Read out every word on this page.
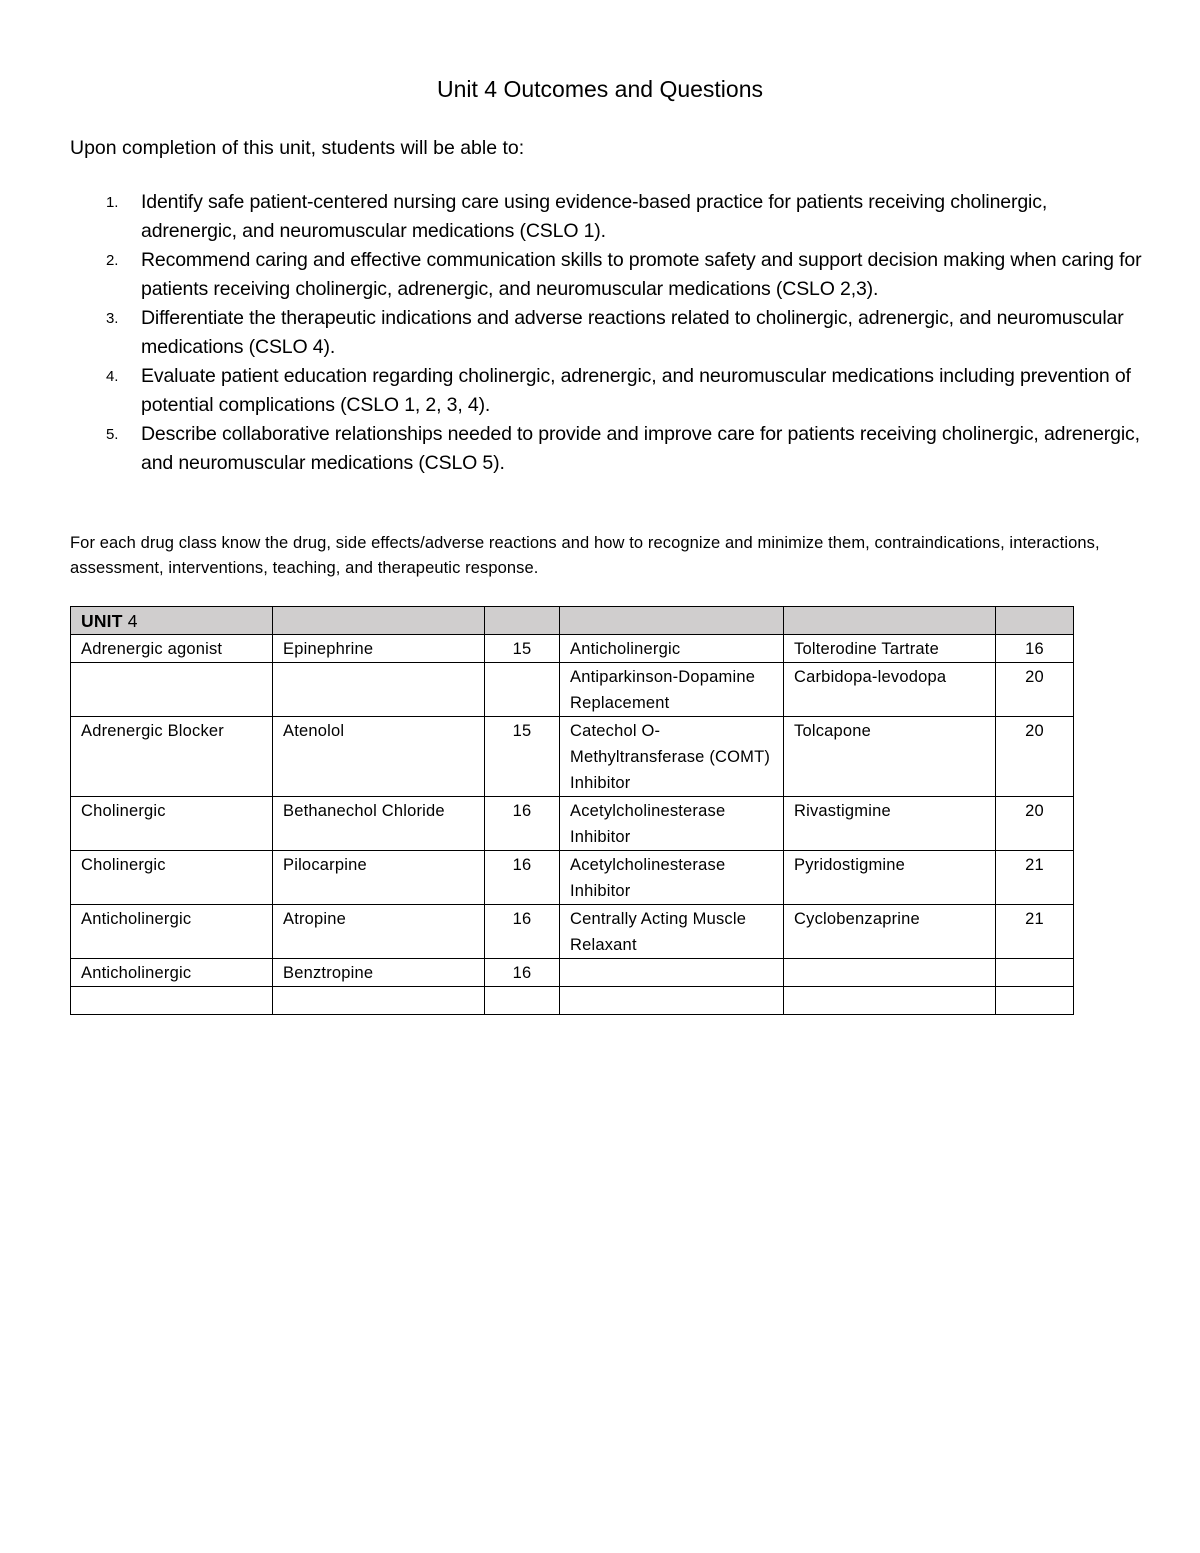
Unit 4 Outcomes and Questions
Upon completion of this unit, students will be able to:
1. Identify safe patient-centered nursing care using evidence-based practice for patients receiving cholinergic, adrenergic, and neuromuscular medications (CSLO 1).
2. Recommend caring and effective communication skills to promote safety and support decision making when caring for patients receiving cholinergic, adrenergic, and neuromuscular medications (CSLO 2,3).
3. Differentiate the therapeutic indications and adverse reactions related to cholinergic, adrenergic, and neuromuscular medications (CSLO 4).
4. Evaluate patient education regarding cholinergic, adrenergic, and neuromuscular medications including prevention of potential complications (CSLO 1, 2, 3, 4).
5. Describe collaborative relationships needed to provide and improve care for patients receiving cholinergic, adrenergic, and neuromuscular medications (CSLO 5).
For each drug class know the drug, side effects/adverse reactions and how to recognize and minimize them, contraindications, interactions, assessment, interventions, teaching, and therapeutic response.
UNIT 4					
Adrenergic agonist	Epinephrine	15	Anticholinergic	Tolterodine Tartrate	16
			Antiparkinson-Dopamine Replacement	Carbidopa-levodopa	20
Adrenergic Blocker	Atenolol	15	Catechol O-Methyltransferase (COMT) Inhibitor	Tolcapone	20
Cholinergic	Bethanechol Chloride	16	Acetylcholinesterase Inhibitor	Rivastigmine	20
Cholinergic	Pilocarpine	16	Acetylcholinesterase Inhibitor	Pyridostigmine	21
Anticholinergic	Atropine	16	Centrally Acting Muscle Relaxant	Cyclobenzaprine	21
Anticholinergic	Benztropine	16			
